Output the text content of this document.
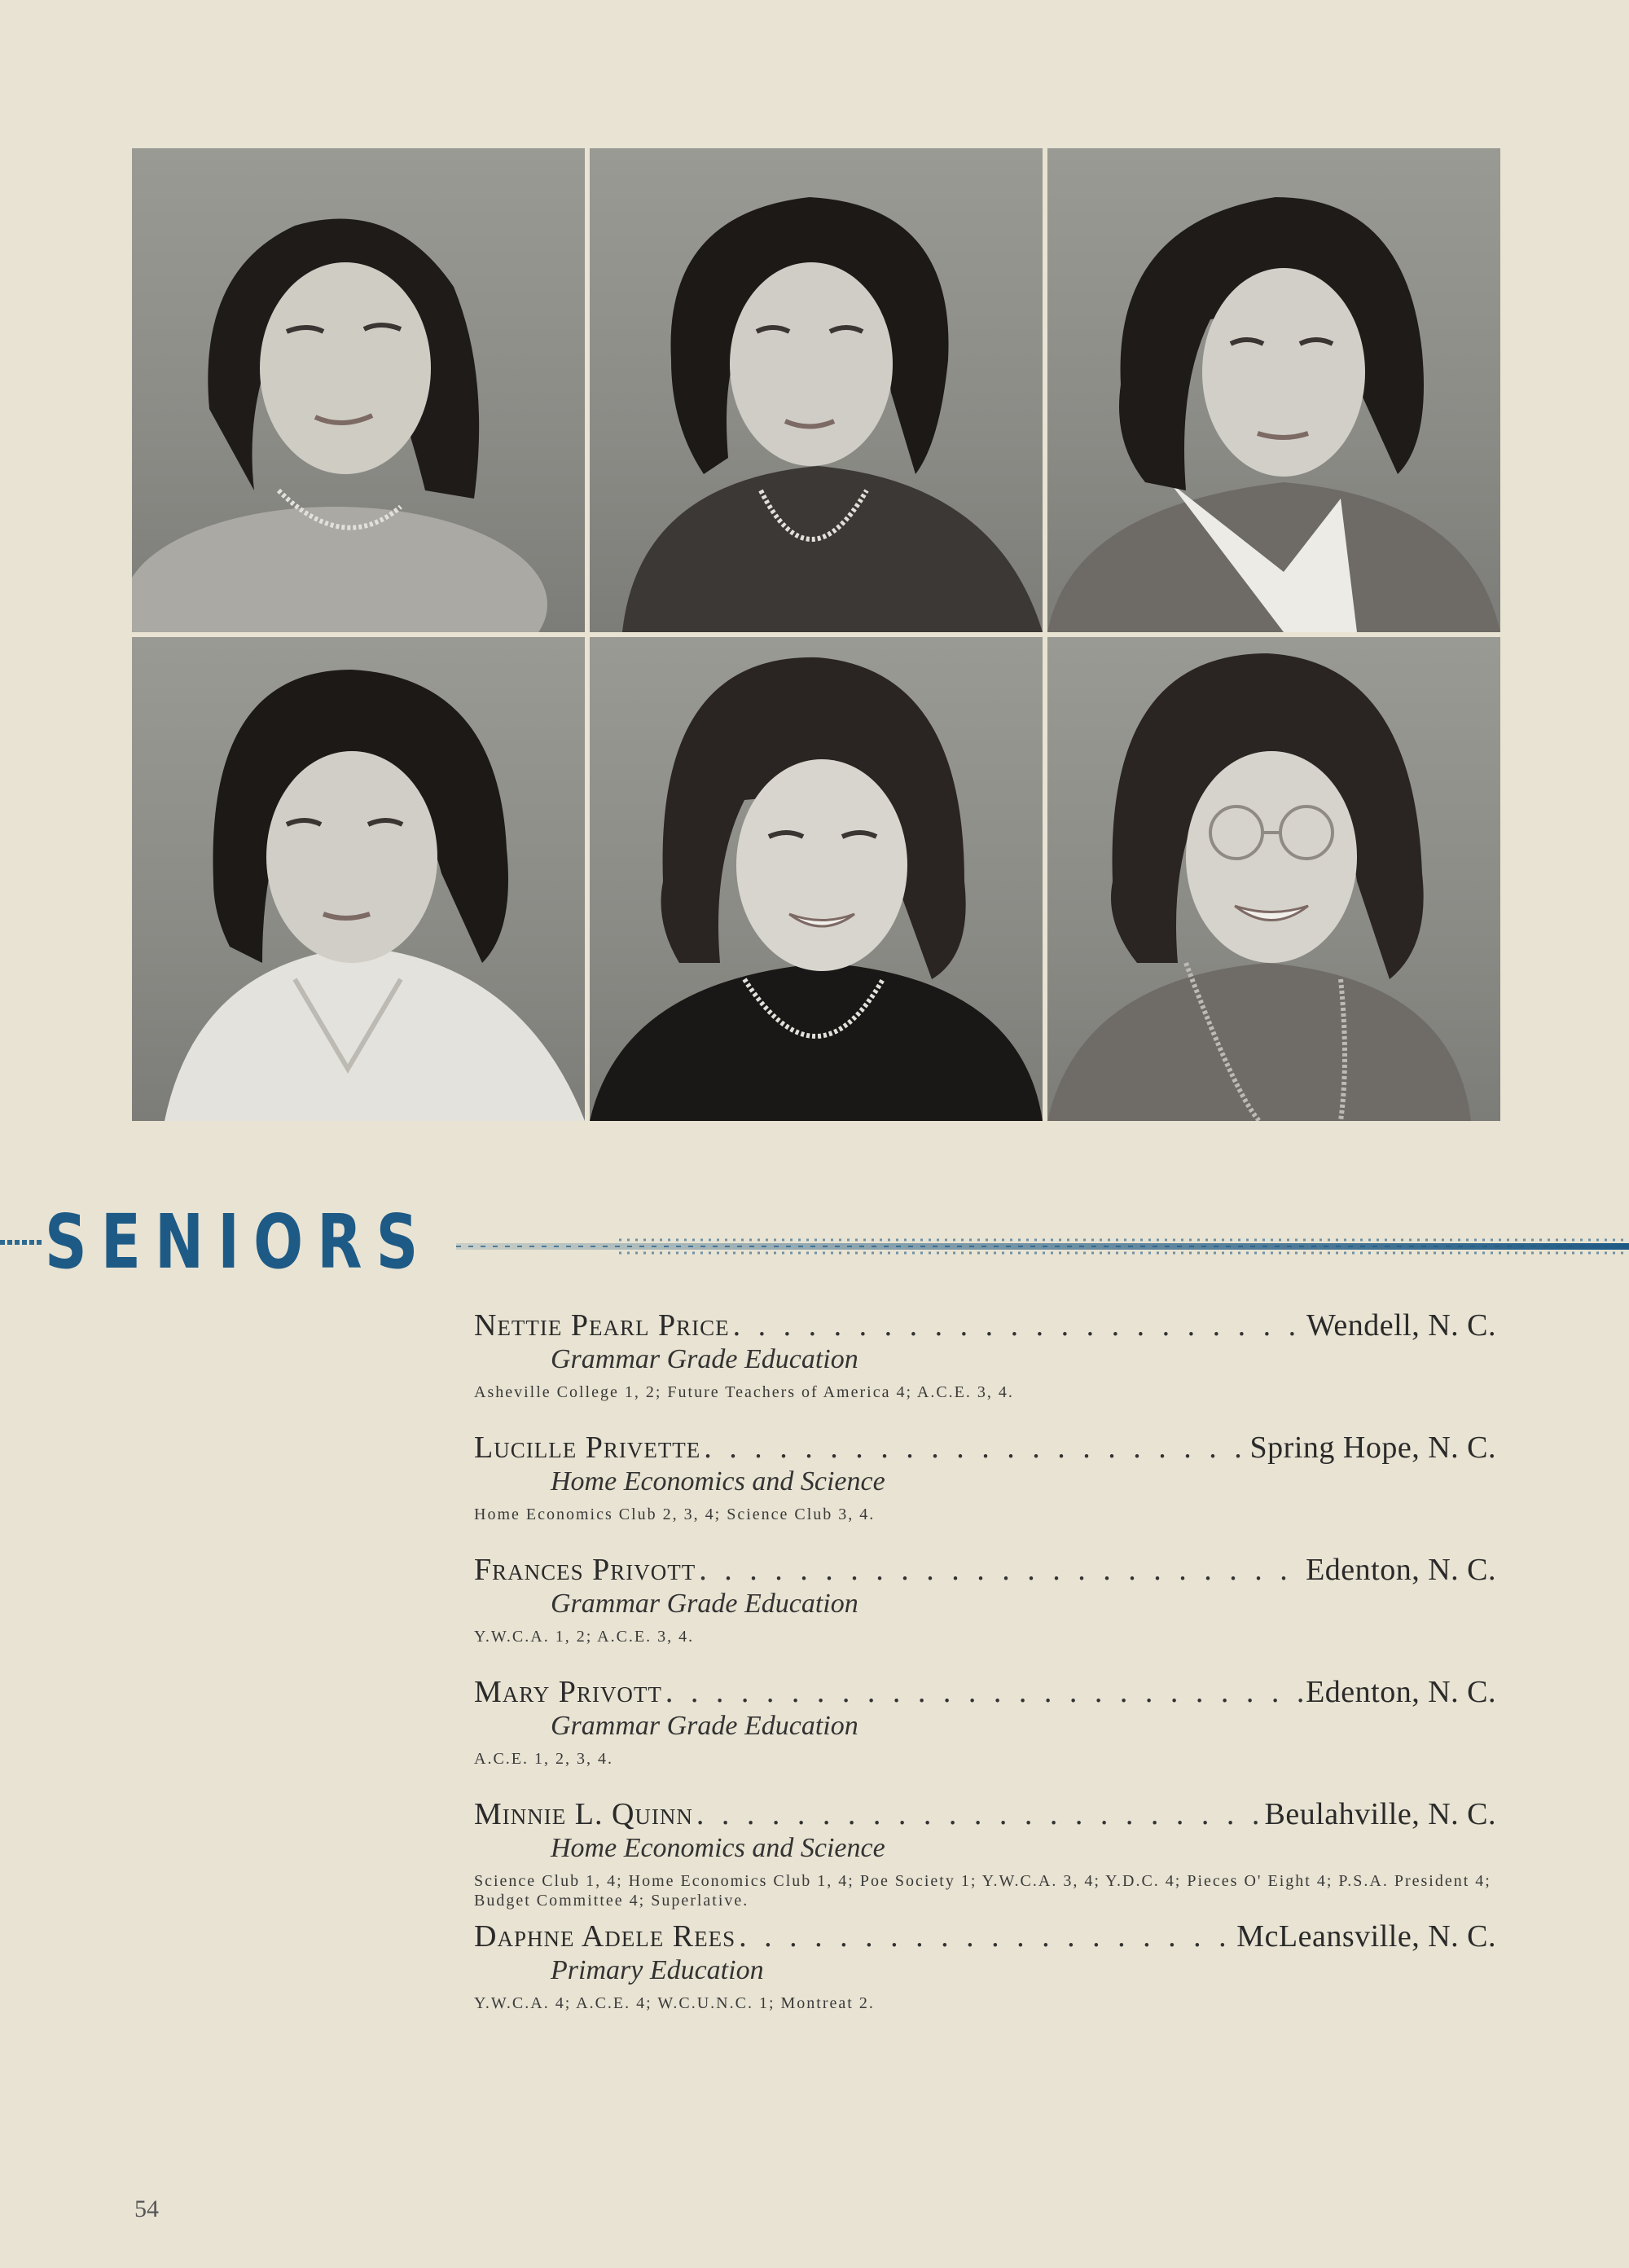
SENIORS
Nettie Pearl Price . . .	Wendell, N. C.
Grammar Grade Education
Asheville College 1, 2; Future Teachers of America 4; A.C.E. 3, 4.
Lucille Privette . . .	Spring Hope, N. C.
Home Economics and Science
Home Economics Club 2, 3, 4; Science Club 3, 4.
Frances Privott . . .	Edenton, N. C.
Grammar Grade Education
Y.W.C.A. 1, 2; A.C.E. 3, 4.
Mary Privott . . .	Edenton, N. C.
Grammar Grade Education
A.C.E. 1, 2, 3, 4.
Minnie L. Quinn . . .	Beulahville, N. C.
Home Economics and Science
Science Club 1, 4; Home Economics Club 1, 4; Poe Society 1; Y.W.C.A. 3, 4; Y.D.C. 4; Pieces O' Eight 4; P.S.A. President 4; Budget Committee 4; Superlative.
Daphne Adele Rees . . .	McLeansville, N. C.
Primary Education
Y.W.C.A. 4; A.C.E. 4; W.C.U.N.C. 1; Montreat 2.
54
